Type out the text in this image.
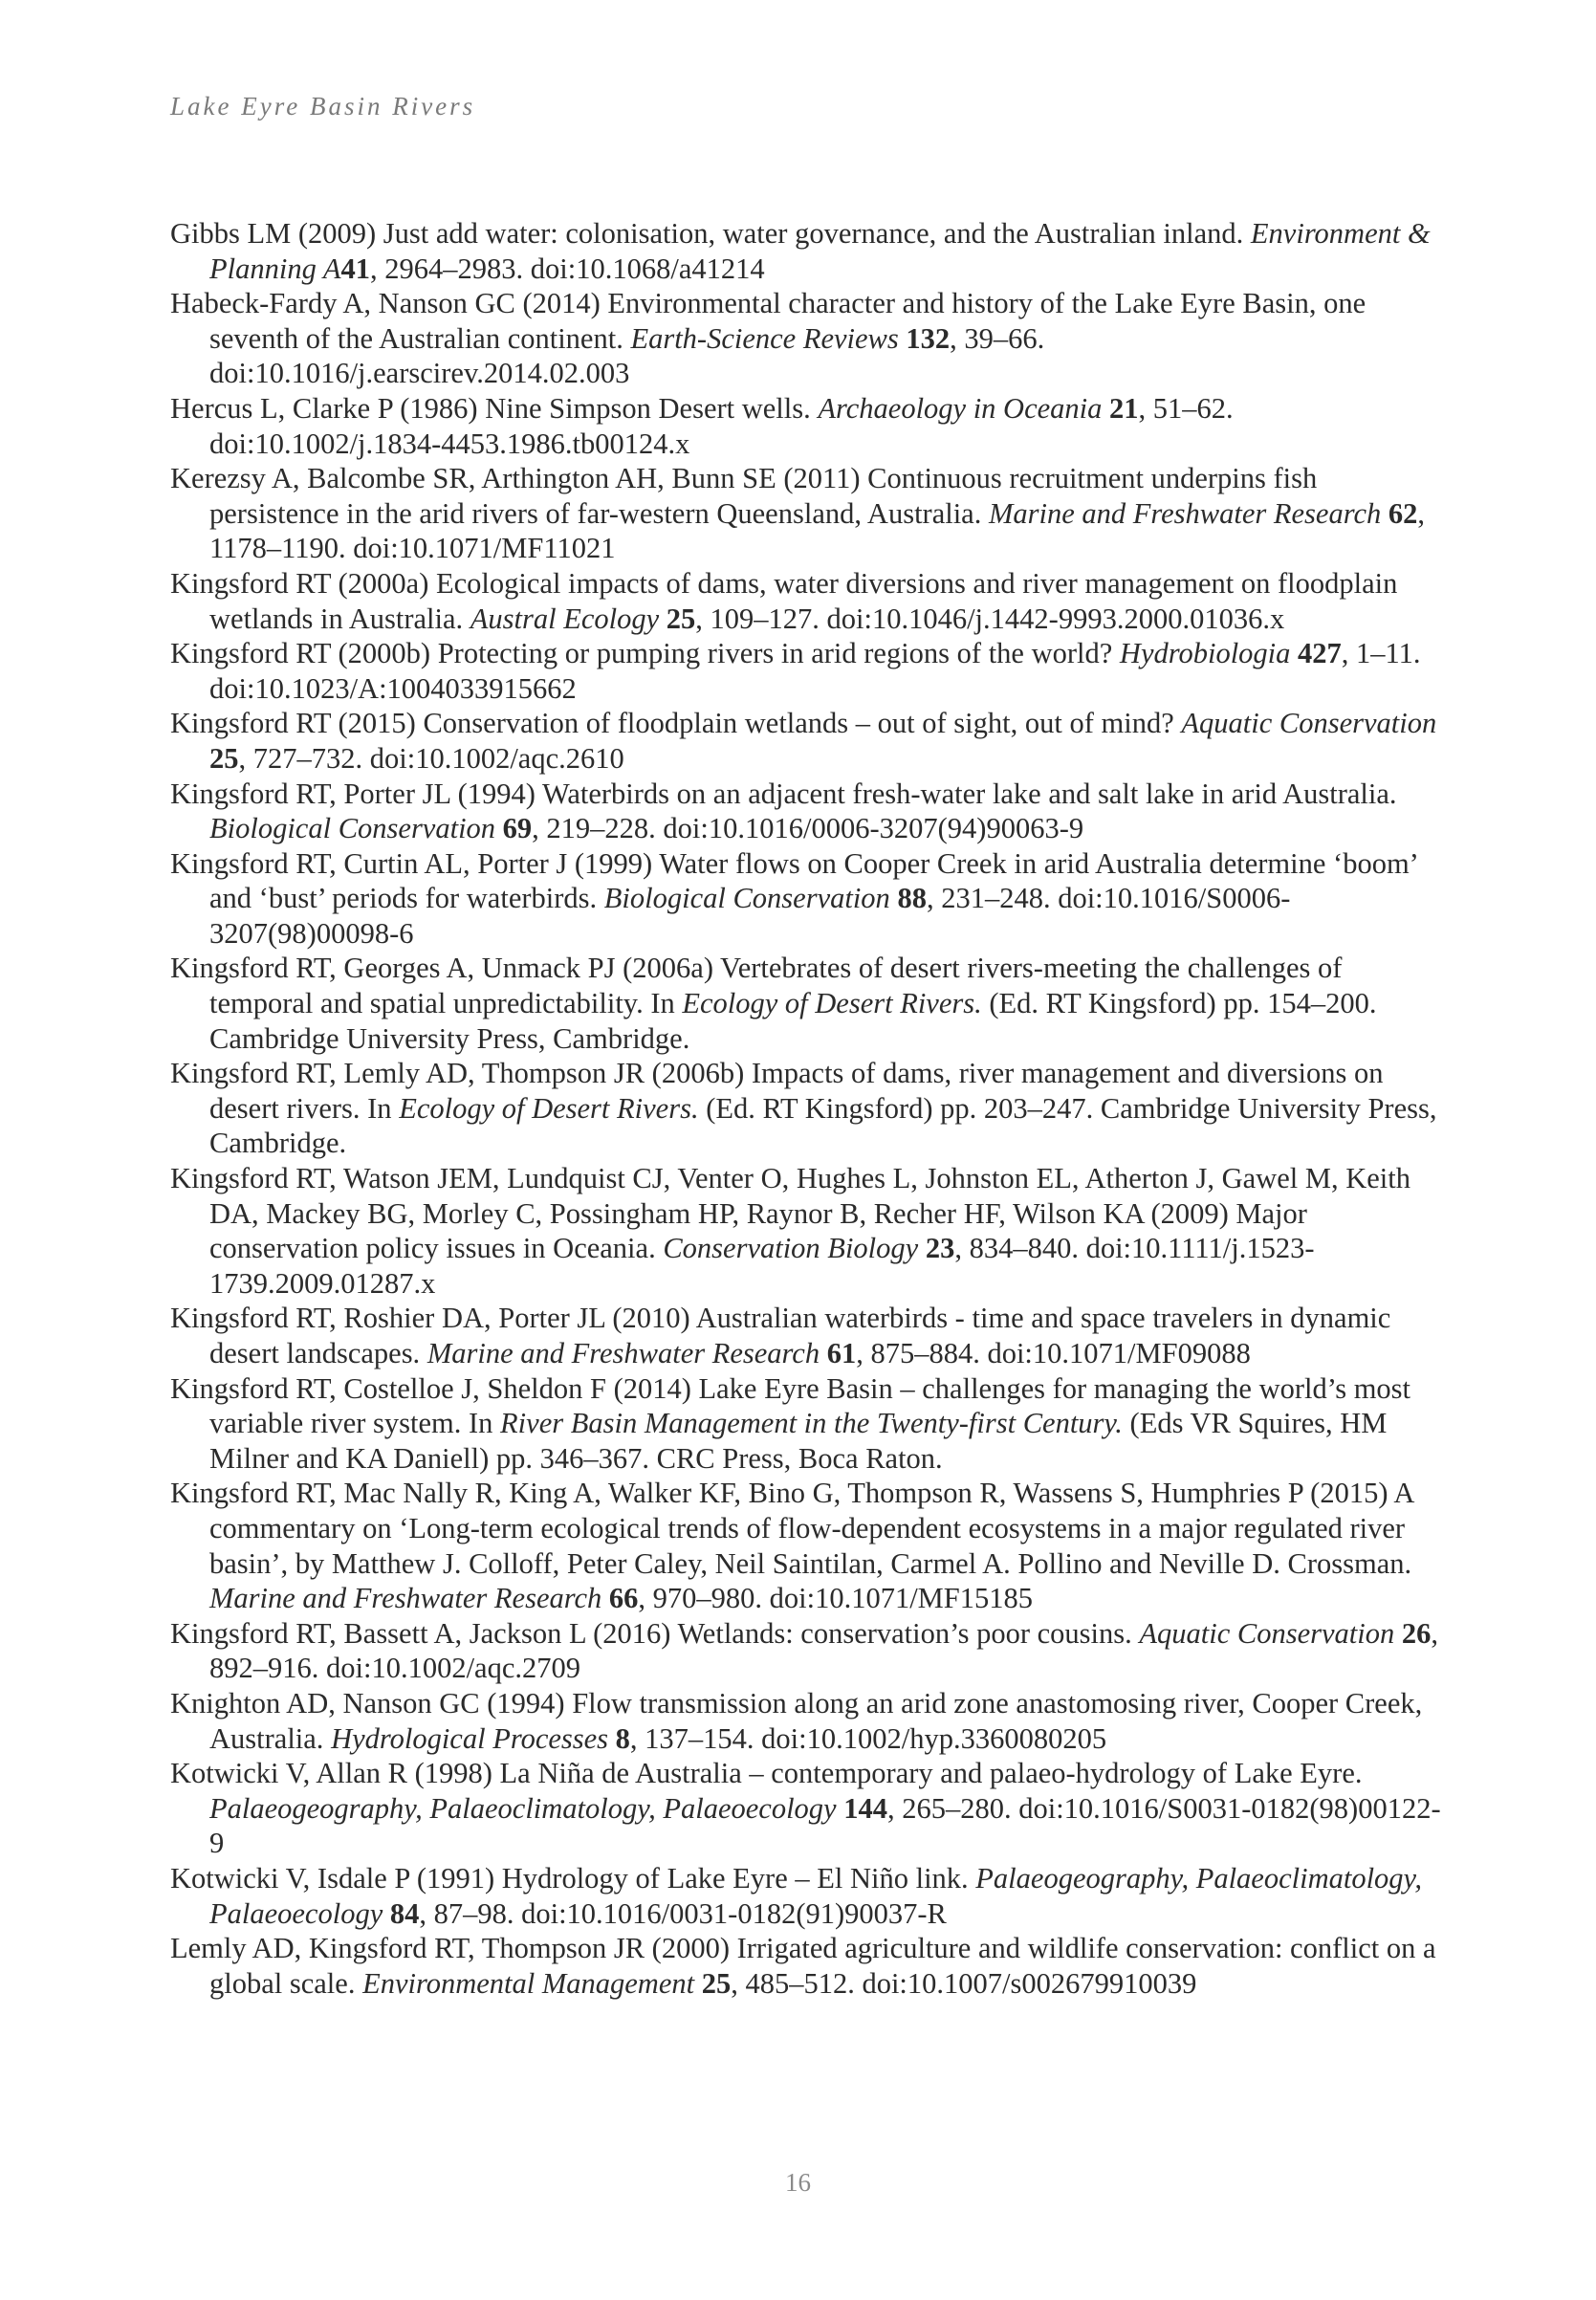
Lake Eyre Basin Rivers
Gibbs LM (2009) Just add water: colonisation, water governance, and the Australian inland. Environment & Planning A41, 2964–2983. doi:10.1068/a41214
Habeck-Fardy A, Nanson GC (2014) Environmental character and history of the Lake Eyre Basin, one seventh of the Australian continent. Earth-Science Reviews 132, 39–66. doi:10.1016/j.earscirev.2014.02.003
Hercus L, Clarke P (1986) Nine Simpson Desert wells. Archaeology in Oceania 21, 51–62. doi:10.1002/j.1834-4453.1986.tb00124.x
Kerezsy A, Balcombe SR, Arthington AH, Bunn SE (2011) Continuous recruitment underpins fish persistence in the arid rivers of far-western Queensland, Australia. Marine and Freshwater Research 62, 1178–1190. doi:10.1071/MF11021
Kingsford RT (2000a) Ecological impacts of dams, water diversions and river management on floodplain wetlands in Australia. Austral Ecology 25, 109–127. doi:10.1046/j.1442-9993.2000.01036.x
Kingsford RT (2000b) Protecting or pumping rivers in arid regions of the world? Hydrobiologia 427, 1–11. doi:10.1023/A:1004033915662
Kingsford RT (2015) Conservation of floodplain wetlands – out of sight, out of mind? Aquatic Conservation 25, 727–732. doi:10.1002/aqc.2610
Kingsford RT, Porter JL (1994) Waterbirds on an adjacent fresh-water lake and salt lake in arid Australia. Biological Conservation 69, 219–228. doi:10.1016/0006-3207(94)90063-9
Kingsford RT, Curtin AL, Porter J (1999) Water flows on Cooper Creek in arid Australia determine ‘boom’ and ‘bust’ periods for waterbirds. Biological Conservation 88, 231–248. doi:10.1016/S0006-3207(98)00098-6
Kingsford RT, Georges A, Unmack PJ (2006a) Vertebrates of desert rivers-meeting the challenges of temporal and spatial unpredictability. In Ecology of Desert Rivers. (Ed. RT Kingsford) pp. 154–200. Cambridge University Press, Cambridge.
Kingsford RT, Lemly AD, Thompson JR (2006b) Impacts of dams, river management and diversions on desert rivers. In Ecology of Desert Rivers. (Ed. RT Kingsford) pp. 203–247. Cambridge University Press, Cambridge.
Kingsford RT, Watson JEM, Lundquist CJ, Venter O, Hughes L, Johnston EL, Atherton J, Gawel M, Keith DA, Mackey BG, Morley C, Possingham HP, Raynor B, Recher HF, Wilson KA (2009) Major conservation policy issues in Oceania. Conservation Biology 23, 834–840. doi:10.1111/j.1523-1739.2009.01287.x
Kingsford RT, Roshier DA, Porter JL (2010) Australian waterbirds - time and space travelers in dynamic desert landscapes. Marine and Freshwater Research 61, 875–884. doi:10.1071/MF09088
Kingsford RT, Costelloe J, Sheldon F (2014) Lake Eyre Basin – challenges for managing the world’s most variable river system. In River Basin Management in the Twenty-first Century. (Eds VR Squires, HM Milner and KA Daniell) pp. 346–367. CRC Press, Boca Raton.
Kingsford RT, Mac Nally R, King A, Walker KF, Bino G, Thompson R, Wassens S, Humphries P (2015) A commentary on ‘Long-term ecological trends of flow-dependent ecosystems in a major regulated river basin’, by Matthew J. Colloff, Peter Caley, Neil Saintilan, Carmel A. Pollino and Neville D. Crossman. Marine and Freshwater Research 66, 970–980. doi:10.1071/MF15185
Kingsford RT, Bassett A, Jackson L (2016) Wetlands: conservation’s poor cousins. Aquatic Conservation 26, 892–916. doi:10.1002/aqc.2709
Knighton AD, Nanson GC (1994) Flow transmission along an arid zone anastomosing river, Cooper Creek, Australia. Hydrological Processes 8, 137–154. doi:10.1002/hyp.3360080205
Kotwicki V, Allan R (1998) La Niña de Australia – contemporary and palaeo-hydrology of Lake Eyre. Palaeogeography, Palaeoclimatology, Palaeoecology 144, 265–280. doi:10.1016/S0031-0182(98)00122-9
Kotwicki V, Isdale P (1991) Hydrology of Lake Eyre – El Niño link. Palaeogeography, Palaeoclimatology, Palaeoecology 84, 87–98. doi:10.1016/0031-0182(91)90037-R
Lemly AD, Kingsford RT, Thompson JR (2000) Irrigated agriculture and wildlife conservation: conflict on a global scale. Environmental Management 25, 485–512. doi:10.1007/s002679910039
16
